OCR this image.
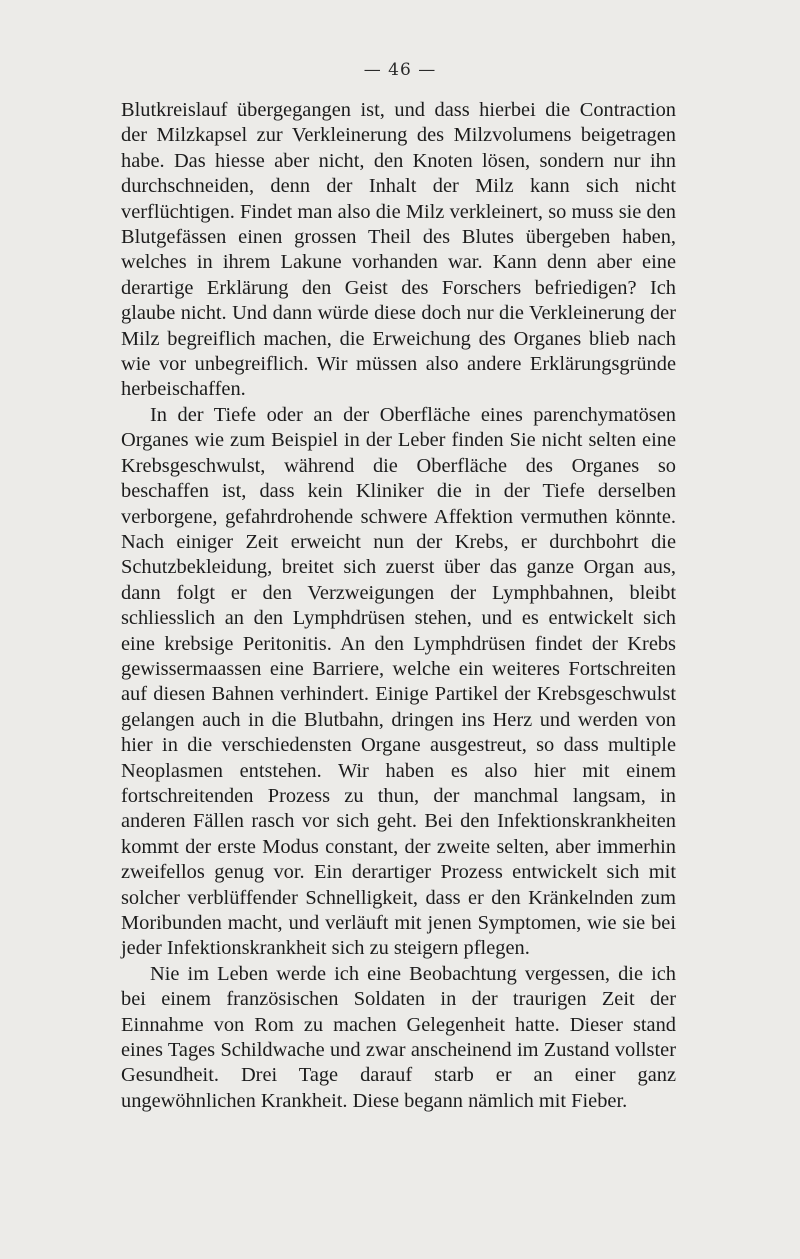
— 46 —

Blutkreislauf übergegangen ist, und dass hierbei die Contraction der Milzkapsel zur Verkleinerung des Milzvolumens beigetragen habe. Das hiesse aber nicht, den Knoten lösen, sondern nur ihn durchschneiden, denn der Inhalt der Milz kann sich nicht verflüchtigen. Findet man also die Milz verkleinert, so muss sie den Blutgefässen einen grossen Theil des Blutes übergeben haben, welches in ihrem Lakune vorhanden war. Kann denn aber eine derartige Erklärung den Geist des Forschers befriedigen? Ich glaube nicht. Und dann würde diese doch nur die Verkleinerung der Milz begreiflich machen, die Erweichung des Organes blieb nach wie vor unbegreiflich. Wir müssen also andere Erklärungsgründe herbeischaffen.

In der Tiefe oder an der Oberfläche eines parenchymatösen Organes wie zum Beispiel in der Leber finden Sie nicht selten eine Krebsgeschwulst, während die Oberfläche des Organes so beschaffen ist, dass kein Kliniker die in der Tiefe derselben verborgene, gefahrdrohende schwere Affektion vermuthen könnte. Nach einiger Zeit erweicht nun der Krebs, er durchbohrt die Schutzbekleidung, breitet sich zuerst über das ganze Organ aus, dann folgt er den Verzweigungen der Lymphbahnen, bleibt schliesslich an den Lymphdrüsen stehen, und es entwickelt sich eine krebsige Peritonitis. An den Lymphdrüsen findet der Krebs gewissermaassen eine Barriere, welche ein weiteres Fortschreiten auf diesen Bahnen verhindert. Einige Partikel der Krebsgeschwulst gelangen auch in die Blutbahn, dringen ins Herz und werden von hier in die verschiedensten Organe ausgestreut, so dass multiple Neoplasmen entstehen. Wir haben es also hier mit einem fortschreitenden Prozess zu thun, der manchmal langsam, in anderen Fällen rasch vor sich geht. Bei den Infektionskrankheiten kommt der erste Modus constant, der zweite selten, aber immerhin zweifellos genug vor. Ein derartiger Prozess entwickelt sich mit solcher verblüffender Schnelligkeit, dass er den Kränkelnden zum Moribunden macht, und verläuft mit jenen Symptomen, wie sie bei jeder Infektionskrankheit sich zu steigern pflegen.

Nie im Leben werde ich eine Beobachtung vergessen, die ich bei einem französischen Soldaten in der traurigen Zeit der Einnahme von Rom zu machen Gelegenheit hatte. Dieser stand eines Tages Schildwache und zwar anscheinend im Zustand vollster Gesundheit. Drei Tage darauf starb er an einer ganz ungewöhnlichen Krankheit. Diese begann nämlich mit Fieber.
